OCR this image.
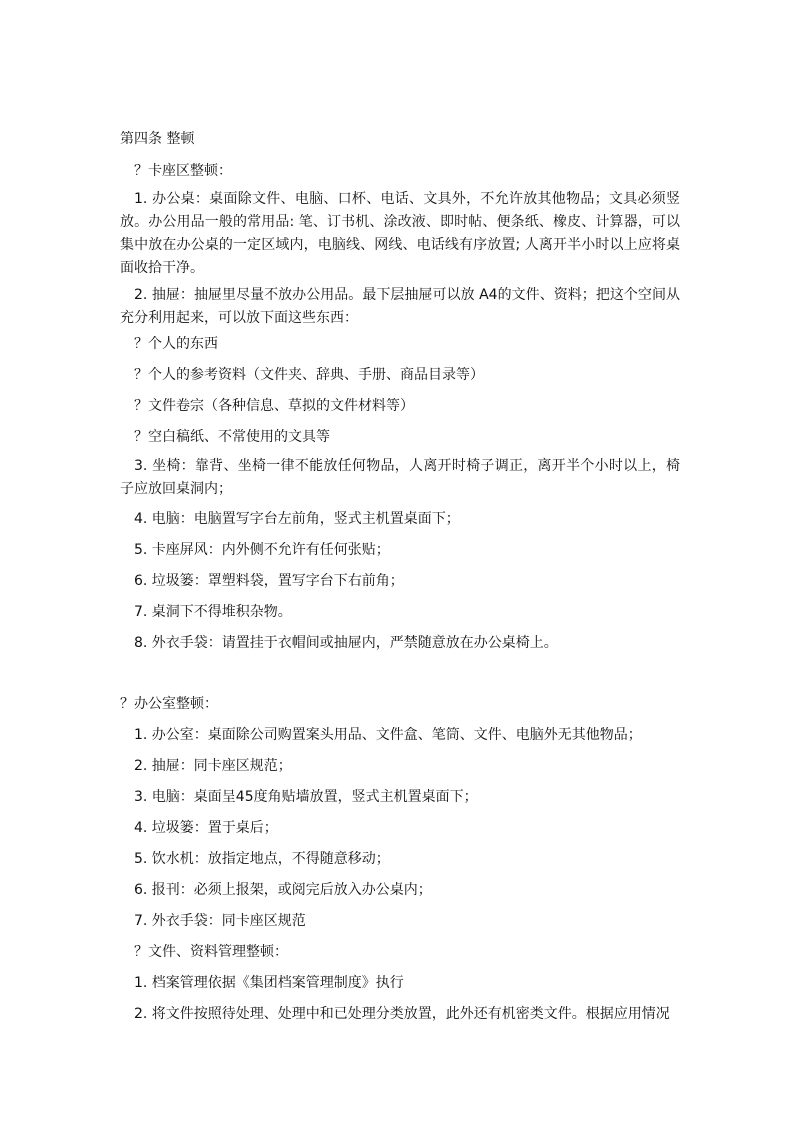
第四条 整顿
？卡座区整顿：
1. 办公桌：桌面除文件、电脑、口杯、电话、文具外，不允许放其他物品；文具必须竖放。办公用品一般的常用品: 笔、订书机、涂改液、即时帖、便条纸、橡皮、计算器，可以集中放在办公桌的一定区域内，电脑线、网线、电话线有序放置; 人离开半小时以上应将桌面收拾干净。
2. 抽屉：抽屉里尽量不放办公用品。最下层抽屉可以放 A4的文件、资料；把这个空间从充分利用起来，可以放下面这些东西：
？个人的东西
？个人的参考资料（文件夹、辞典、手册、商品目录等）
？文件卷宗（各种信息、草拟的文件材料等）
？空白稿纸、不常使用的文具等
3. 坐椅：靠背、坐椅一律不能放任何物品，人离开时椅子调正，离开半个小时以上，椅子应放回桌洞内；
4. 电脑：电脑置写字台左前角，竖式主机置桌面下；
5. 卡座屏风：内外侧不允许有任何张贴；
6. 垃圾篓：罩塑料袋，置写字台下右前角；
7. 桌洞下不得堆积杂物。
8. 外衣手袋：请置挂于衣帽间或抽屉内，严禁随意放在办公桌椅上。
？办公室整顿：
1. 办公室：桌面除公司购置案头用品、文件盒、笔筒、文件、电脑外无其他物品；
2. 抽屉：同卡座区规范；
3. 电脑：桌面呈45度角贴墙放置，竖式主机置桌面下；
4. 垃圾篓：置于桌后；
5. 饮水机：放指定地点，不得随意移动；
6. 报刊：必须上报架，或阅完后放入办公桌内；
7. 外衣手袋：同卡座区规范
？文件、资料管理整顿：
1. 档案管理依据《集团档案管理制度》执行
2. 将文件按照待处理、处理中和已处理分类放置，此外还有机密类文件。根据应用情况
